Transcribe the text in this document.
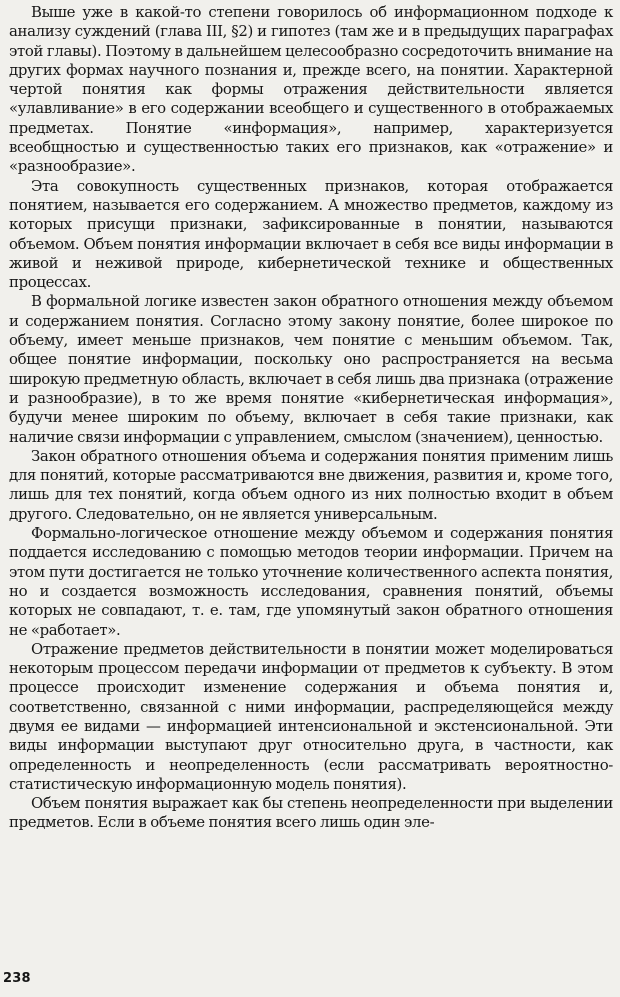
Выше уже в какой-то степени говорилось об информационном подходе к анализу суждений (глава III, §2) и гипотез (там же и в предыдущих параграфах этой главы). Поэтому в дальнейшем целесообразно сосредоточить внимание на других формах научного познания и, прежде всего, на понятии. Характерной чертой понятия как формы отражения действительности является «улавливание» в его содержании всеобщего и существенного в отображаемых предметах. Понятие «информация», например, характеризуется всеобщностью и существенностью таких его признаков, как «отражение» и «разнообразие».

Эта совокупность существенных признаков, которая отображается понятием, называется его содержанием. А множество предметов, каждому из которых присущи признаки, зафиксированные в понятии, называются объемом. Объем понятия информации включает в себя все виды информации в живой и неживой природе, кибернетической технике и общественных процессах.

В формальной логике известен закон обратного отношения между объемом и содержанием понятия. Согласно этому закону понятие, более широкое по объему, имеет меньше признаков, чем понятие с меньшим объемом. Так, общее понятие информации, поскольку оно распространяется на весьма широкую предметную область, включает в себя лишь два признака (отражение и разнообразие), в то же время понятие «кибернетическая информация», будучи менее широким по объему, включает в себя такие признаки, как наличие связи информации с управлением, смыслом (значением), ценностью.

Закон обратного отношения объема и содержания понятия применим лишь для понятий, которые рассматриваются вне движения, развития и, кроме того, лишь для тех понятий, когда объем одного из них полностью входит в объем другого. Следовательно, он не является универсальным.

Формально-логическое отношение между объемом и содержания понятия поддается исследованию с помощью методов теории информации. Причем на этом пути достигается не только уточнение количественного аспекта понятия, но и создается возможность исследования, сравнения понятий, объемы которых не совпадают, т. е. там, где упомянутый закон обратного отношения не «работает».

Отражение предметов действительности в понятии может моделироваться некоторым процессом передачи информации от предметов к субъекту. В этом процессе происходит изменение содержания и объема понятия и, соответственно, связанной с ними информации, распределяющейся между двумя ее видами — информацией интенсиональной и экстенсиональной. Эти виды информации выступают друг относительно друга, в частности, как определенность и неопределенность (если рассматривать вероятностно-статистическую информационную модель понятия).

Объем понятия выражает как бы степень неопределенности при выделении предметов. Если в объеме понятия всего лишь один эле-

238
